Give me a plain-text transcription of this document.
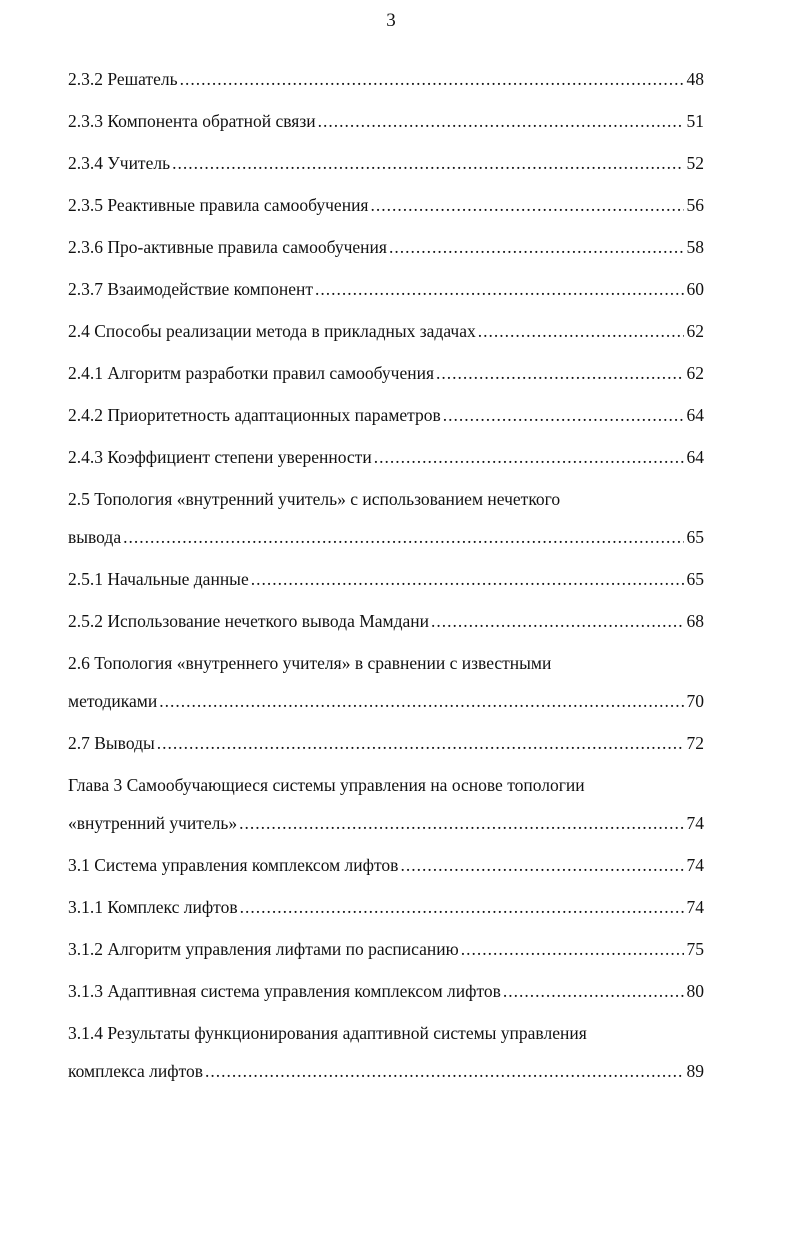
3
2.3.2 Решатель .....	48
2.3.3 Компонента обратной связи .....	51
2.3.4 Учитель .....	52
2.3.5 Реактивные правила самообучения .....	56
2.3.6 Про-активные правила самообучения .....	58
2.3.7 Взаимодействие компонент .....	60
2.4 Способы реализации метода в прикладных задачах .....	62
2.4.1 Алгоритм разработки правил самообучения .....	62
2.4.2 Приоритетность адаптационных параметров .....	64
2.4.3 Коэффициент степени уверенности .....	64
2.5 Топология «внутренний учитель» с использованием нечеткого
вывода .....	65
2.5.1 Начальные данные .....	65
2.5.2 Использование нечеткого вывода Мамдани .....	68
2.6 Топология «внутреннего учителя» в сравнении с известными
методиками .....	70
2.7 Выводы .....	72
Глава 3 Самообучающиеся системы управления на основе топологии
«внутренний учитель» .....	74
3.1 Система управления комплексом лифтов .....	74
3.1.1 Комплекс лифтов .....	74
3.1.2 Алгоритм управления лифтами по расписанию .....	75
3.1.3 Адаптивная система управления комплексом лифтов .....	80
3.1.4 Результаты функционирования адаптивной системы управления
комплекса лифтов .....	89
